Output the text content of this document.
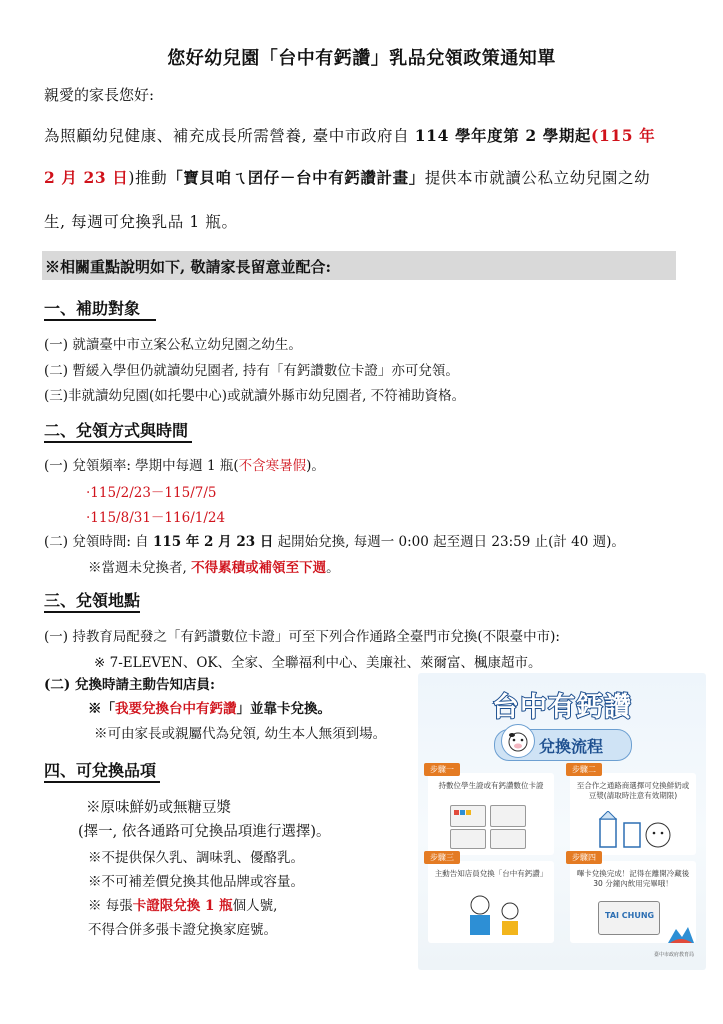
您好幼兒園「台中有鈣讚」乳品兌領政策通知單
親愛的家長您好:
為照顧幼兒健康、補充成長所需營養, 臺中市政府自 114 學年度第 2 學期起(115 年
2 月 23 日)推動「寶貝咱ㄟ囝仔－台中有鈣讚計畫」提供本市就讀公私立幼兒園之幼
生, 每週可兌換乳品 1 瓶。
※相關重點說明如下, 敬請家長留意並配合:
一、補助對象
(一) 就讀臺中市立案公私立幼兒園之幼生。
(二) 暫緩入學但仍就讀幼兒園者, 持有「有鈣讚數位卡證」亦可兌領。
(三)非就讀幼兒園(如托嬰中心)或就讀外縣市幼兒園者, 不符補助資格。
二、兌領方式與時間
(一) 兌領頻率: 學期中每週 1 瓶(不含寒暑假)。
‧115/2/23－115/7/5
‧115/8/31－116/1/24
(二) 兌領時間: 自 115 年 2 月 23 日 起開始兌換, 每週一 0:00 起至週日 23:59 止(計 40 週)。
※當週未兌換者, 不得累積或補領至下週。
三、兌領地點
(一) 持教育局配發之「有鈣讚數位卡證」可至下列合作通路全臺門市兌換(不限臺中市):
※ 7-ELEVEN、OK、全家、全聯福利中心、美廉社、萊爾富、楓康超市。
(二) 兌換時請主動告知店員:
※「我要兌換台中有鈣讚」並靠卡兌換。
※可由家長或親屬代為兌領, 幼生本人無須到場。
四、可兌換品項
※原味鮮奶或無糖豆漿
(擇一, 依各通路可兌換品項進行選擇)。
※不提供保久乳、調味乳、優酪乳。
※不可補差價兌換其他品牌或容量。
※ 每張卡證限兌換 1 瓶個人號,
不得合併多張卡證兌換家庭號。
台中有鈣讚
兌換流程
步驟一
持數位學生證或有鈣讚數位卡證
步驟二
至合作之通路商選擇可兌換鮮奶或豆漿(請取時注意有效期限)
步驟三
主動告知店員兌換「台中有鈣讚」
步驟四
嗶卡兌換完成！記得在離開冷藏後 30 分鐘內飲用完畢哦！
TAI CHUNG
臺中市政府教育局
